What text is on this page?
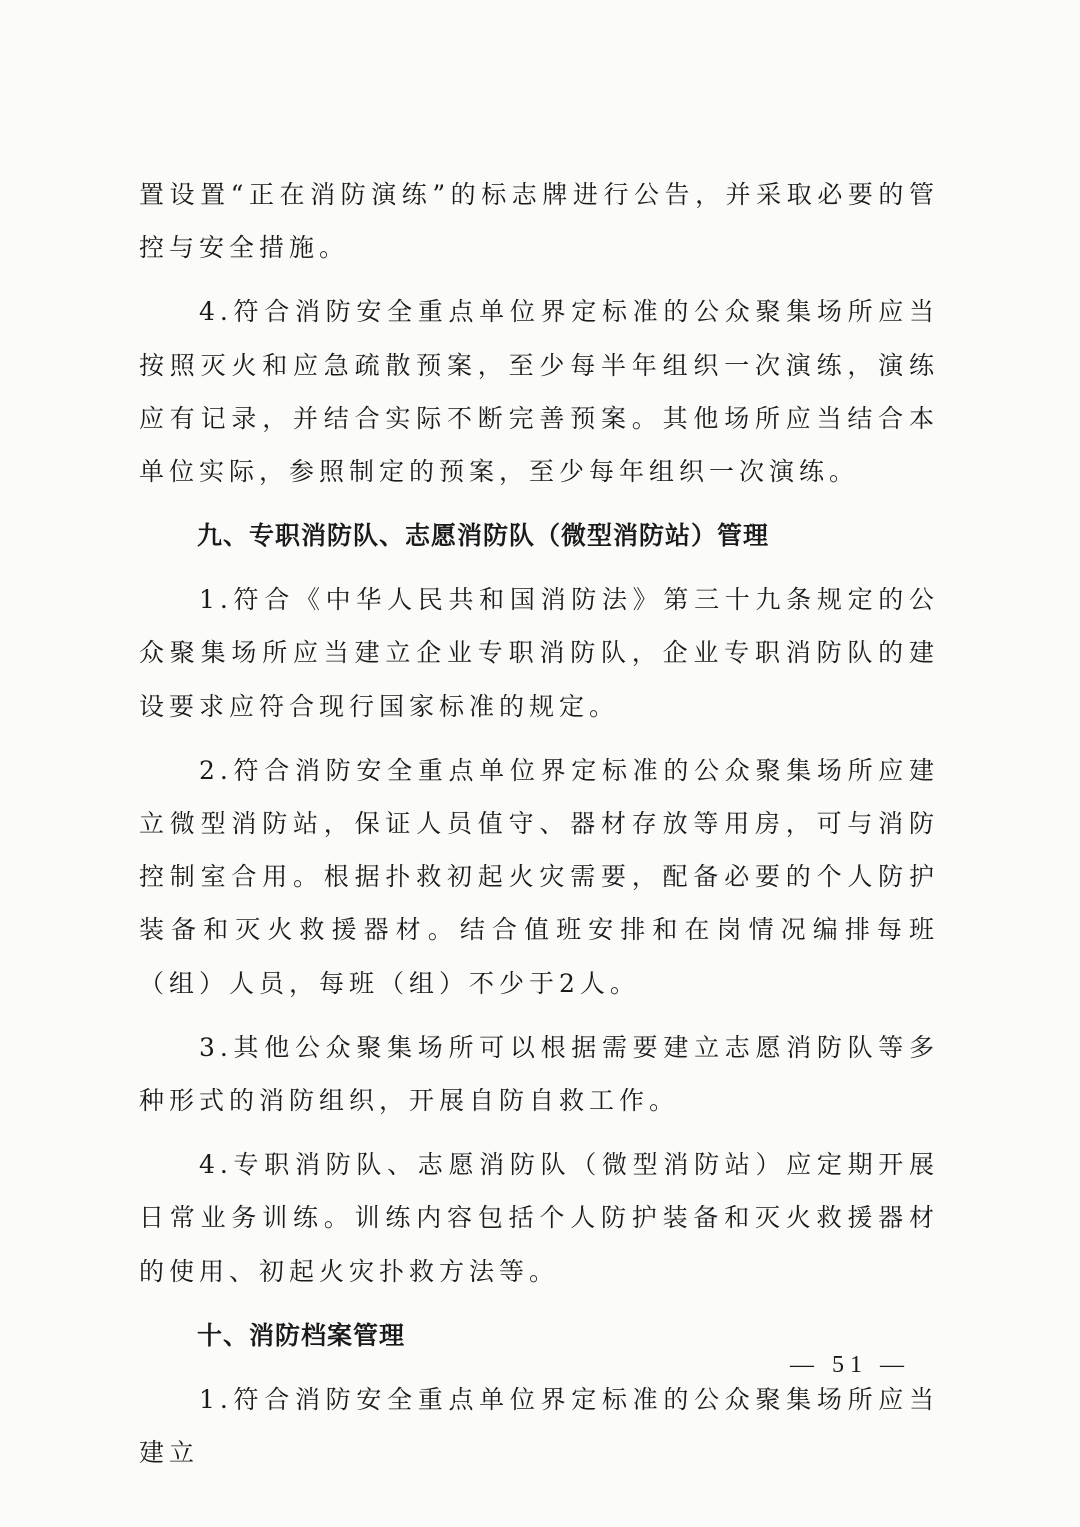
置设置“正在消防演练”的标志牌进行公告，并采取必要的管控与安全措施。

4.符合消防安全重点单位界定标准的公众聚集场所应当按照灭火和应急疏散预案，至少每半年组织一次演练，演练应有记录，并结合实际不断完善预案。其他场所应当结合本单位实际，参照制定的预案，至少每年组织一次演练。

九、专职消防队、志愿消防队（微型消防站）管理

1.符合《中华人民共和国消防法》第三十九条规定的公众聚集场所应当建立企业专职消防队，企业专职消防队的建设要求应符合现行国家标准的规定。

2.符合消防安全重点单位界定标准的公众聚集场所应建立微型消防站，保证人员值守、器材存放等用房，可与消防控制室合用。根据扑救初起火灾需要，配备必要的个人防护装备和灭火救援器材。结合值班安排和在岗情况编排每班（组）人员，每班（组）不少于2人。

3.其他公众聚集场所可以根据需要建立志愿消防队等多种形式的消防组织，开展自防自救工作。

4.专职消防队、志愿消防队（微型消防站）应定期开展日常业务训练。训练内容包括个人防护装备和灭火救援器材的使用、初起火灾扑救方法等。

十、消防档案管理

1.符合消防安全重点单位界定标准的公众聚集场所应当建立

— 51 —
